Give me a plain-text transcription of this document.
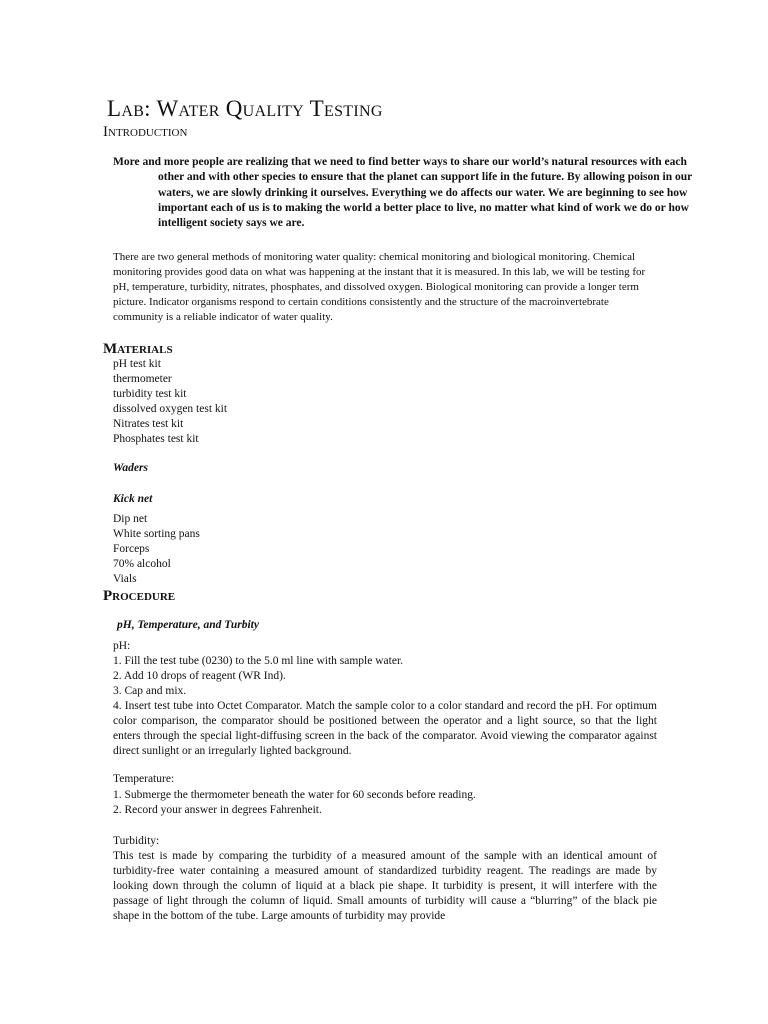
Lab: Water Quality Testing
Introduction
More and more people are realizing that we need to find better ways to share our world’s natural resources with each other and with other species to ensure that the planet can support life in the future. By allowing poison in our waters, we are slowly drinking it ourselves. Everything we do affects our water. We are beginning to see how important each of us is to making the world a better place to live, no matter what kind of work we do or how intelligent society says we are.
There are two general methods of monitoring water quality: chemical monitoring and biological monitoring. Chemical monitoring provides good data on what was happening at the instant that it is measured. In this lab, we will be testing for pH, temperature, turbidity, nitrates, phosphates, and dissolved oxygen. Biological monitoring can provide a longer term picture. Indicator organisms respond to certain conditions consistently and the structure of the macroinvertebrate community is a reliable indicator of water quality.
Materials
pH test kit
thermometer
turbidity test kit
dissolved oxygen test kit
Nitrates test kit
Phosphates test kit
Waders
Kick net
Dip net
White sorting pans
Forceps
70% alcohol
Vials
Procedure
pH, Temperature, and Turbity
pH:
1. Fill the test tube (0230) to the 5.0 ml line with sample water.
2. Add 10 drops of reagent (WR Ind).
3. Cap and mix.
4. Insert test tube into Octet Comparator. Match the sample color to a color standard and record the pH. For optimum color comparison, the comparator should be positioned between the operator and a light source, so that the light enters through the special light-diffusing screen in the back of the comparator. Avoid viewing the comparator against direct sunlight or an irregularly lighted background.
Temperature:
1. Submerge the thermometer beneath the water for 60 seconds before reading.
2. Record your answer in degrees Fahrenheit.
Turbidity:
This test is made by comparing the turbidity of a measured amount of the sample with an identical amount of turbidity-free water containing a measured amount of standardized turbidity reagent. The readings are made by looking down through the column of liquid at a black pie shape. It turbidity is present, it will interfere with the passage of light through the column of liquid. Small amounts of turbidity will cause a “blurring” of the black pie shape in the bottom of the tube. Large amounts of turbidity may provide
